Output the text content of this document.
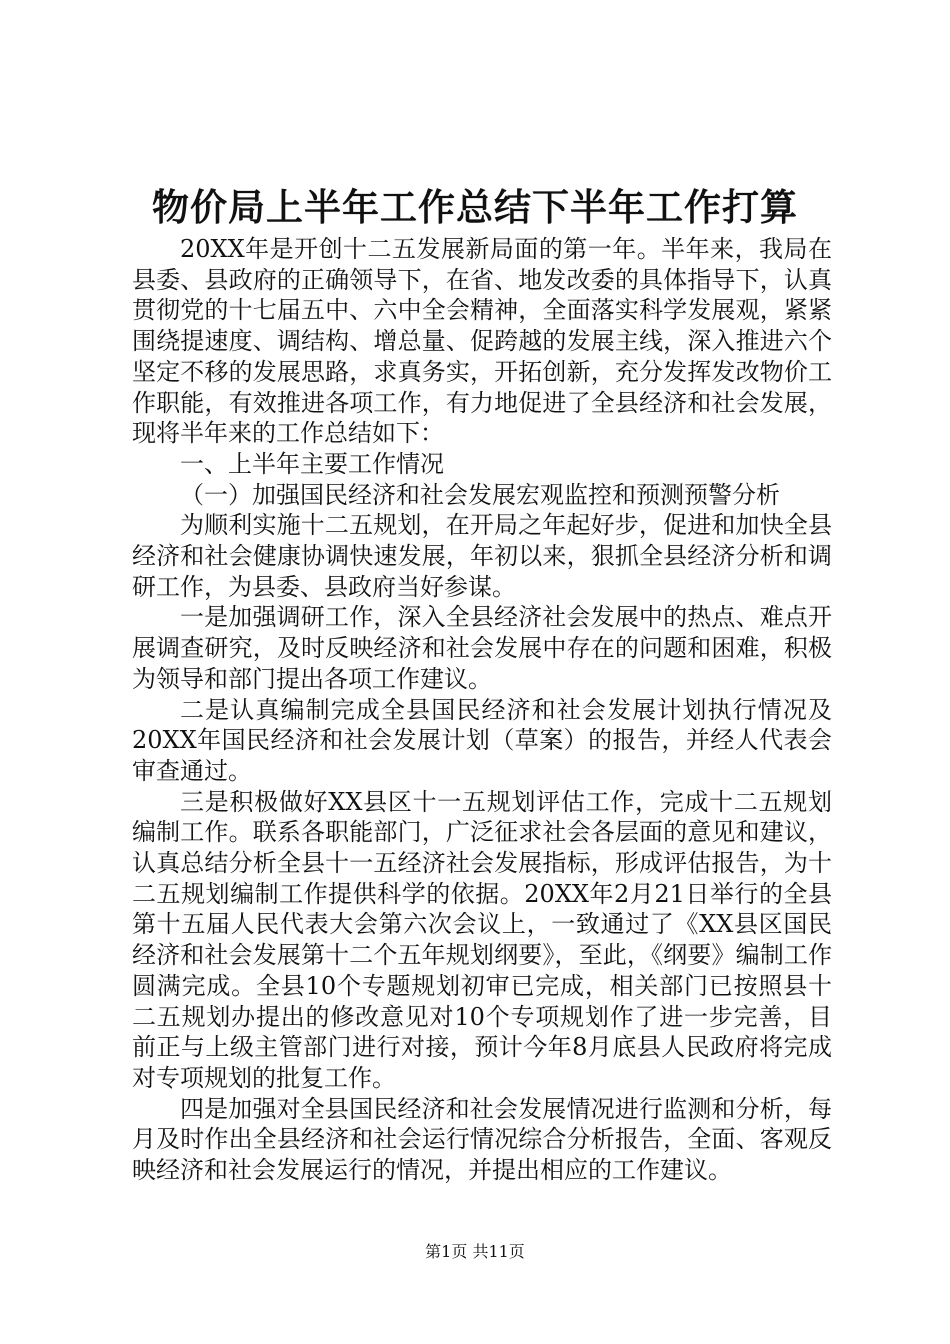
物价局上半年工作总结下半年工作打算

20XX年是开创十二五发展新局面的第一年。半年来，我局在县委、县政府的正确领导下，在省、地发改委的具体指导下，认真贯彻党的十七届五中、六中全会精神，全面落实科学发展观，紧紧围绕提速度、调结构、增总量、促跨越的发展主线，深入推进六个坚定不移的发展思路，求真务实，开拓创新，充分发挥发改物价工作职能，有效推进各项工作，有力地促进了全县经济和社会发展，现将半年来的工作总结如下：

一、上半年主要工作情况

（一）加强国民经济和社会发展宏观监控和预测预警分析

为顺利实施十二五规划，在开局之年起好步，促进和加快全县经济和社会健康协调快速发展，年初以来，狠抓全县经济分析和调研工作，为县委、县政府当好参谋。

一是加强调研工作，深入全县经济社会发展中的热点、难点开展调查研究，及时反映经济和社会发展中存在的问题和困难，积极为领导和部门提出各项工作建议。

二是认真编制完成全县国民经济和社会发展计划执行情况及20XX年国民经济和社会发展计划（草案）的报告，并经人代表会审查通过。

三是积极做好XX县区十一五规划评估工作，完成十二五规划编制工作。联系各职能部门，广泛征求社会各层面的意见和建议，认真总结分析全县十一五经济社会发展指标，形成评估报告，为十二五规划编制工作提供科学的依据。20XX年2月21日举行的全县第十五届人民代表大会第六次会议上，一致通过了《XX县区国民经济和社会发展第十二个五年规划纲要》，至此，《纲要》编制工作圆满完成。全县10个专题规划初审已完成，相关部门已按照县十二五规划办提出的修改意见对10个专项规划作了进一步完善，目前正与上级主管部门进行对接，预计今年8月底县人民政府将完成对专项规划的批复工作。

四是加强对全县国民经济和社会发展情况进行监测和分析，每月及时作出全县经济和社会运行情况综合分析报告，全面、客观反映经济和社会发展运行的情况，并提出相应的工作建议。

第1页 共11页
